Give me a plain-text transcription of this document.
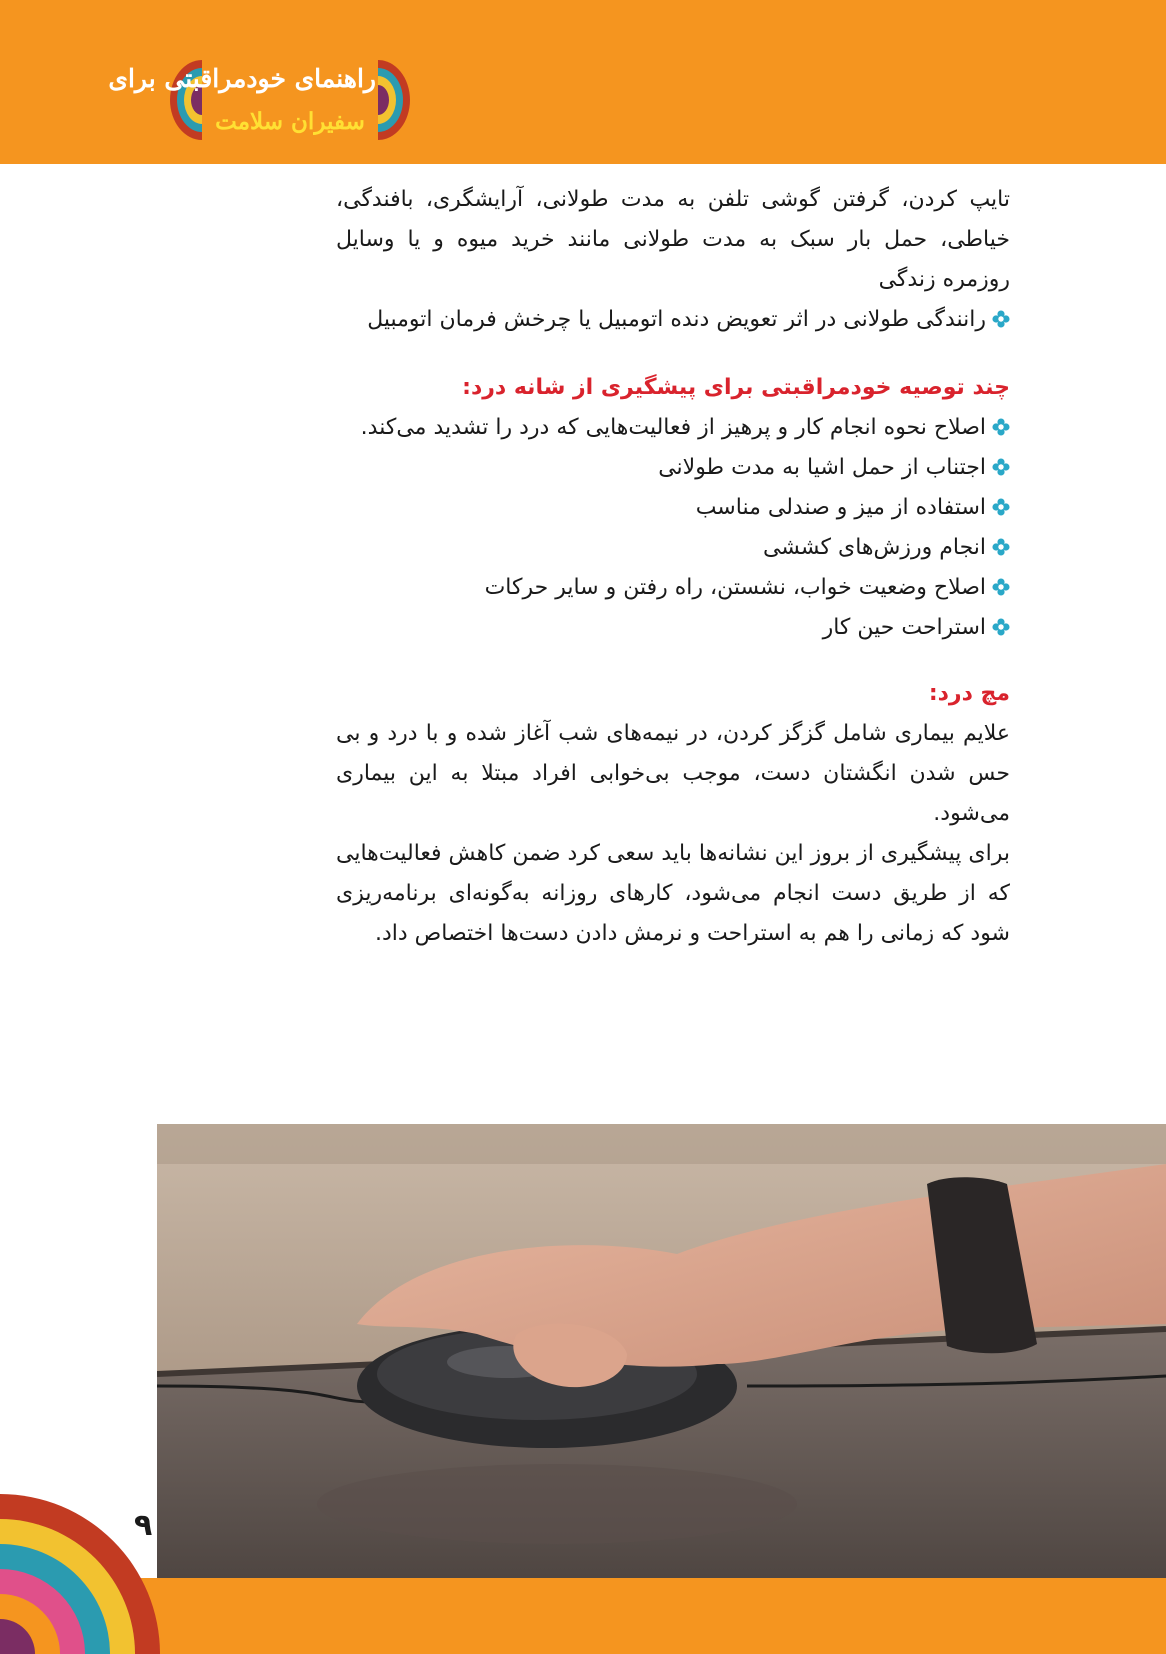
راهنمای خودمراقبتی برای
سفیران سلامت

تایپ کردن، گرفتن گوشی تلفن به مدت طولانی، آرایشگری، بافندگی، خیاطی، حمل بار سبک به مدت طولانی مانند خرید میوه و یا وسایل روزمره زندگی

رانندگی طولانی در اثر تعویض دنده اتومبیل یا چرخش فرمان اتومبیل
چند توصیه خودمراقبتی برای پیشگیری از شانه درد:
اصلاح نحوه انجام کار و پرهیز از فعالیت‌هایی که درد را تشدید می‌کند.
اجتناب از حمل اشیا به مدت طولانی
استفاده از میز و صندلی مناسب
انجام ورزش‌های کششی
اصلاح وضعیت خواب، نشستن، راه رفتن و سایر حرکات
استراحت حین کار
مچ درد:

علایم بیماری شامل گزگز کردن، در نیمه‌های شب آغاز شده و با درد و بی حس شدن انگشتان دست، موجب بی‌خوابی افراد مبتلا به این بیماری می‌شود.

برای پیشگیری از بروز این نشانه‌ها باید سعی کرد ضمن کاهش فعالیت‌هایی که از طریق دست انجام می‌شود، کارهای روزانه به‌گونه‌ای برنامه‌ریزی شود که زمانی را هم به استراحت و نرمش دادن دست‌ها اختصاص داد.

۹
